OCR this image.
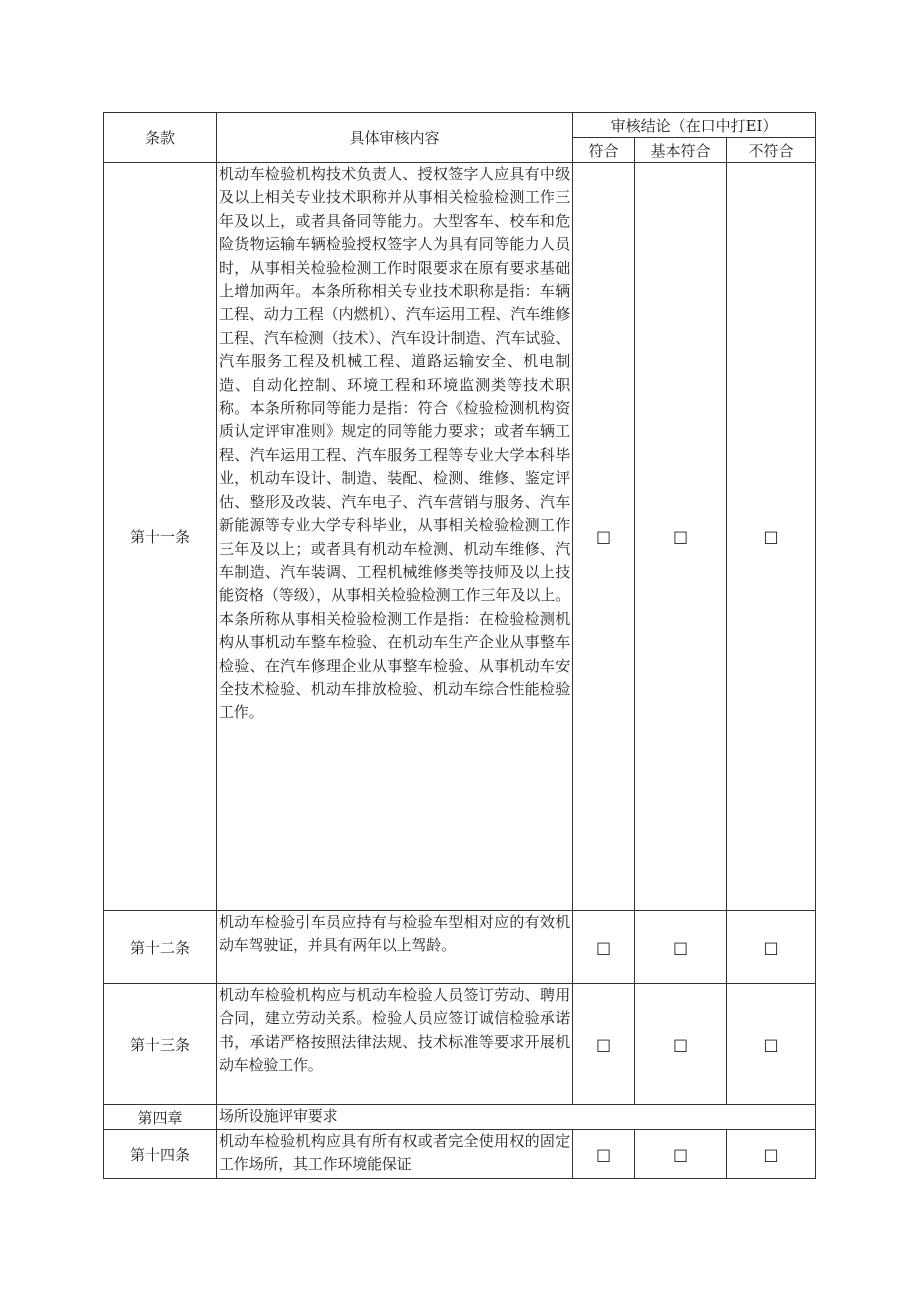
条款	具体审核内容	审核结论（在口中打EI）		
		符合	基本符合	不符合
第十一条	机动车检验机构技术负责人、授权签字人应具有中级及以上相关专业技术职称并从事相关检验检测工作三年及以上，或者具备同等能力。大型客车、校车和危险货物运输车辆检验授权签字人为具有同等能力人员时，从事相关检验检测工作时限要求在原有要求基础上增加两年。本条所称相关专业技术职称是指：车辆工程、动力工程（内燃机）、汽车运用工程、汽车维修工程、汽车检测（技术）、汽车设计制造、汽车试验、汽车服务工程及机械工程、道路运输安全、机电制造、自动化控制、环境工程和环境监测类等技术职称。本条所称同等能力是指：符合《检验检测机构资质认定评审准则》规定的同等能力要求；或者车辆工程、汽车运用工程、汽车服务工程等专业大学本科毕业，机动车设计、制造、装配、检测、维修、鉴定评估、整形及改装、汽车电子、汽车营销与服务、汽车新能源等专业大学专科毕业，从事相关检验检测工作三年及以上；或者具有机动车检测、机动车维修、汽车制造、汽车装调、工程机械维修类等技师及以上技能资格（等级），从事相关检验检测工作三年及以上。本条所称从事相关检验检测工作是指：在检验检测机构从事机动车整车检验、在机动车生产企业从事整车检验、在汽车修理企业从事整车检验、从事机动车安全技术检验、机动车排放检验、机动车综合性能检验工作。	□	□	□
第十二条	机动车检验引车员应持有与检验车型相对应的有效机动车驾驶证，并具有两年以上驾龄。	□	□	□
第十三条	机动车检验机构应与机动车检验人员签订劳动、聘用合同，建立劳动关系。检验人员应签订诚信检验承诺书，承诺严格按照法律法规、技术标准等要求开展机动车检验工作。	□	□	□
第四章	场所设施评审要求			
第十四条	机动车检验机构应具有所有权或者完全使用权的固定工作场所，其工作环境能保证	□	□	□
